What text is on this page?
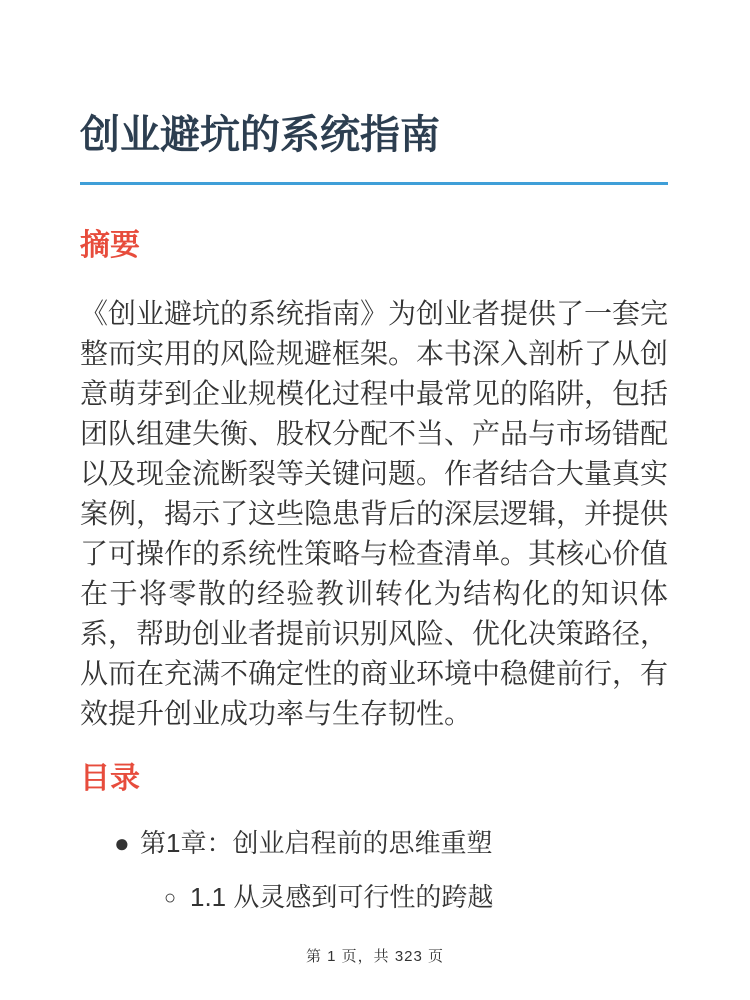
创业避坑的系统指南
摘要

《创业避坑的系统指南》为创业者提供了一套完整而实用的风险规避框架。本书深入剖析了从创意萌芽到企业规模化过程中最常见的陷阱，包括团队组建失衡、股权分配不当、产品与市场错配以及现金流断裂等关键问题。作者结合大量真实案例，揭示了这些隐患背后的深层逻辑，并提供了可操作的系统性策略与检查清单。其核心价值在于将零散的经验教训转化为结构化的知识体系，帮助创业者提前识别风险、优化决策路径，从而在充满不确定性的商业环境中稳健前行，有效提升创业成功率与生存韧性。

目录
● 第1章：创业启程前的思维重塑
○ 1.1 从灵感到可行性的跨越
第 1 页，共 323 页
